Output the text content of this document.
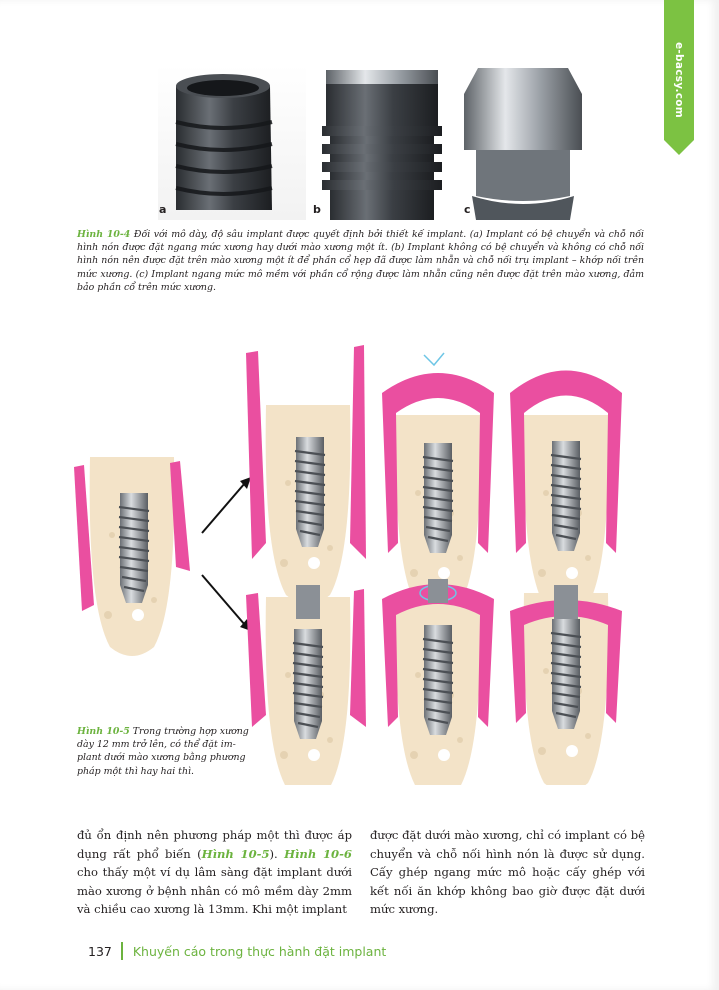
e-bacsy.com
a	b	c
Hình 10-4 Đối với mô dày, độ sâu implant được quyết định bởi thiết kế implant. (a) Implant có bệ chuyển và chỗ nối hình nón được đặt ngang mức xương hay dưới mào xương một ít. (b) Implant không có bệ chuyển và không có chỗ nối hình nón nên được đặt trên mào xương một ít để phần cổ hẹp đã được làm nhẵn và chỗ nối trụ implant – khớp nối trên mức xương. (c) Implant ngang mức mô mềm với phần cổ rộng được làm nhẵn cũng nên được đặt trên mào xương, đảm bảo phần cổ trên mức xương.
Hình 10-5 Trong trường hợp xương dày 12 mm trở lên, có thể đặt im-plant dưới mào xương bằng phương pháp một thì hay hai thì.
đủ ổn định nên phương pháp một thì được áp dụng rất phổ biến (Hình 10-5). Hình 10-6 cho thấy một ví dụ lâm sàng đặt implant dưới mào xương ở bệnh nhân có mô mềm dày 2mm và chiều cao xương là 13mm. Khi một implant
được đặt dưới mào xương, chỉ có implant có bệ chuyển và chỗ nối hình nón là được sử dụng. Cấy ghép ngang mức mô hoặc cấy ghép với kết nối ăn khớp không bao giờ được đặt dưới mức xương.
137 Khuyến cáo trong thực hành đặt implant
